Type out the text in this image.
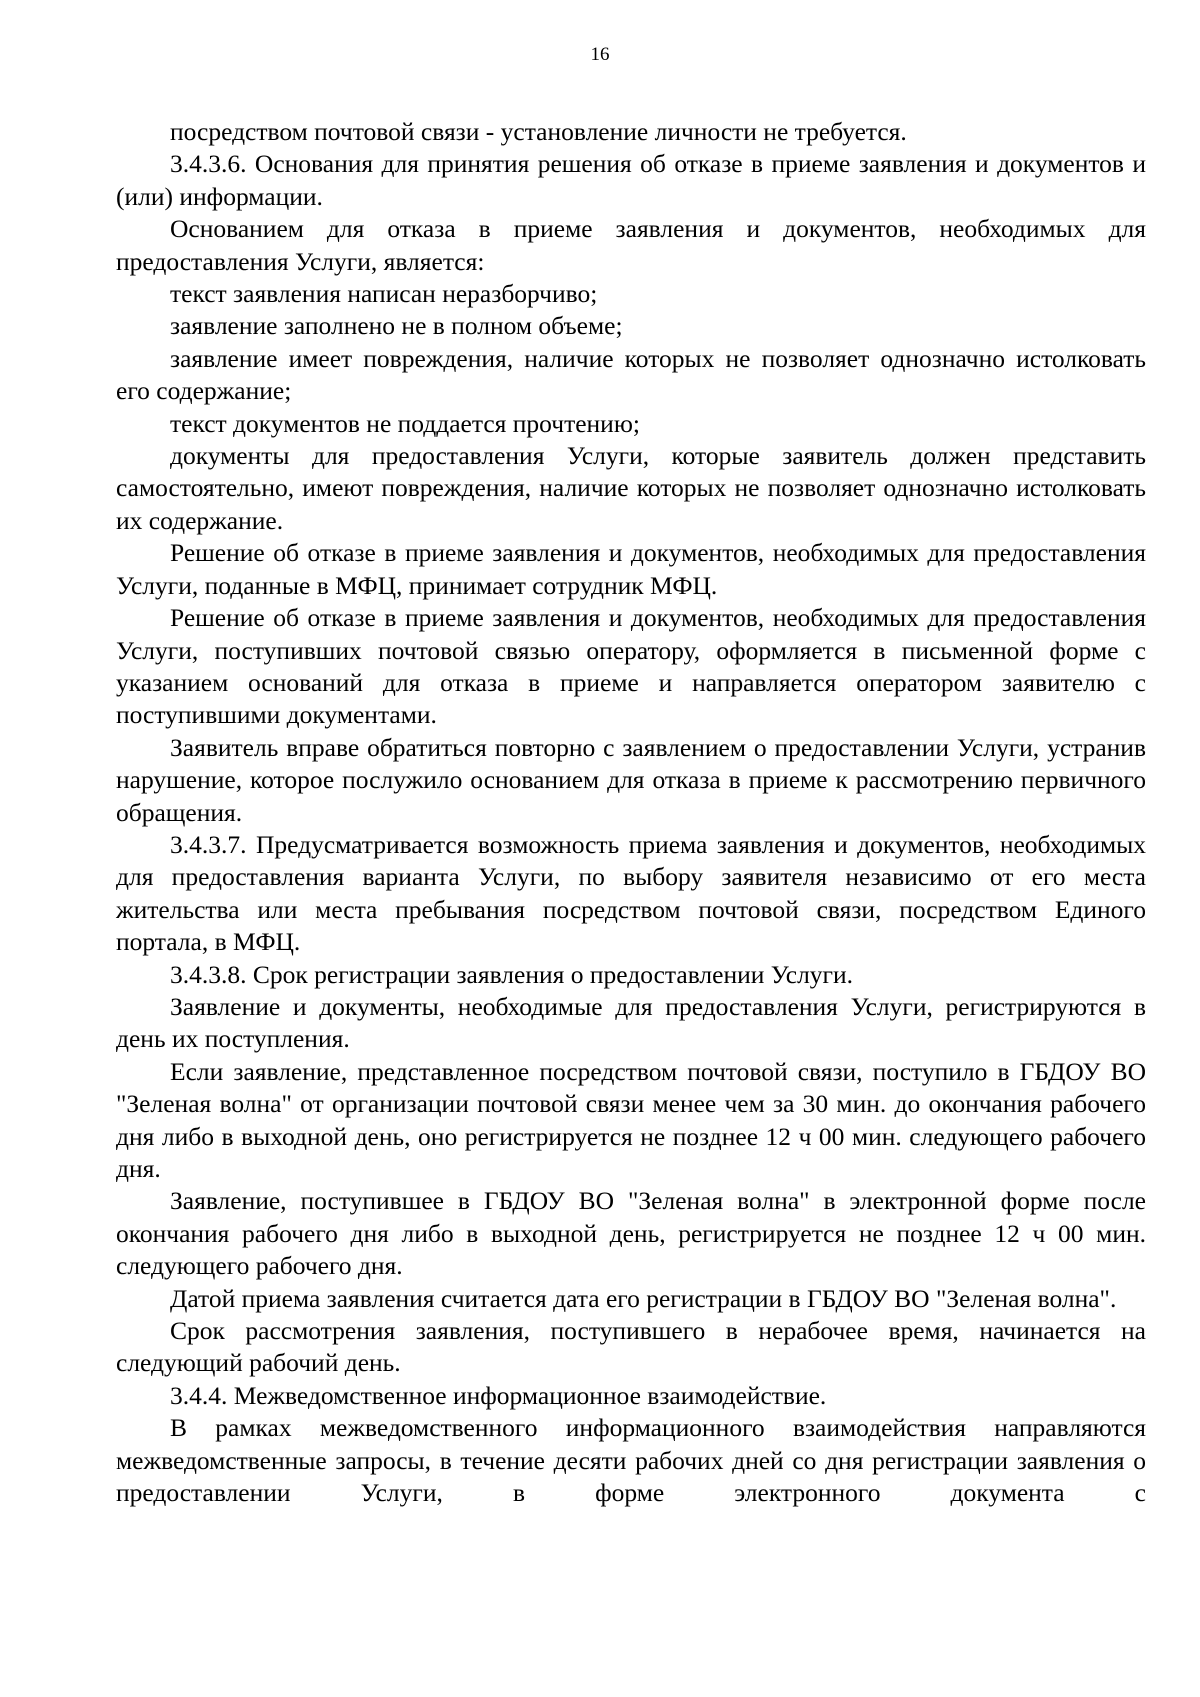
16

посредством почтовой связи - установление личности не требуется.

3.4.3.6. Основания для принятия решения об отказе в приеме заявления и документов и (или) информации.

Основанием для отказа в приеме заявления и документов, необходимых для предоставления Услуги, является:

текст заявления написан неразборчиво;

заявление заполнено не в полном объеме;

заявление имеет повреждения, наличие которых не позволяет однозначно истолковать его содержание;

текст документов не поддается прочтению;

документы для предоставления Услуги, которые заявитель должен представить самостоятельно, имеют повреждения, наличие которых не позволяет однозначно истолковать их содержание.

Решение об отказе в приеме заявления и документов, необходимых для предоставления Услуги, поданные в МФЦ, принимает сотрудник МФЦ.

Решение об отказе в приеме заявления и документов, необходимых для предоставления Услуги, поступивших почтовой связью оператору, оформляется в письменной форме с указанием оснований для отказа в приеме и направляется оператором заявителю с поступившими документами.

Заявитель вправе обратиться повторно с заявлением о предоставлении Услуги, устранив нарушение, которое послужило основанием для отказа в приеме к рассмотрению первичного обращения.

3.4.3.7. Предусматривается возможность приема заявления и документов, необходимых для предоставления варианта Услуги, по выбору заявителя независимо от его места жительства или места пребывания посредством почтовой связи, посредством Единого портала, в МФЦ.

3.4.3.8. Срок регистрации заявления о предоставлении Услуги.

Заявление и документы, необходимые для предоставления Услуги, регистрируются в день их поступления.

Если заявление, представленное посредством почтовой связи, поступило в ГБДОУ ВО "Зеленая волна" от организации почтовой связи менее чем за 30 мин. до окончания рабочего дня либо в выходной день, оно регистрируется не позднее 12 ч 00 мин. следующего рабочего дня.

Заявление, поступившее в ГБДОУ ВО "Зеленая волна" в электронной форме после окончания рабочего дня либо в выходной день, регистрируется не позднее 12 ч 00 мин. следующего рабочего дня.

Датой приема заявления считается дата его регистрации в ГБДОУ ВО "Зеленая волна".

Срок рассмотрения заявления, поступившего в нерабочее время, начинается на следующий рабочий день.

3.4.4. Межведомственное информационное взаимодействие.

В рамках межведомственного информационного взаимодействия направляются межведомственные запросы, в течение десяти рабочих дней со дня регистрации заявления о предоставлении Услуги, в форме электронного документа с
